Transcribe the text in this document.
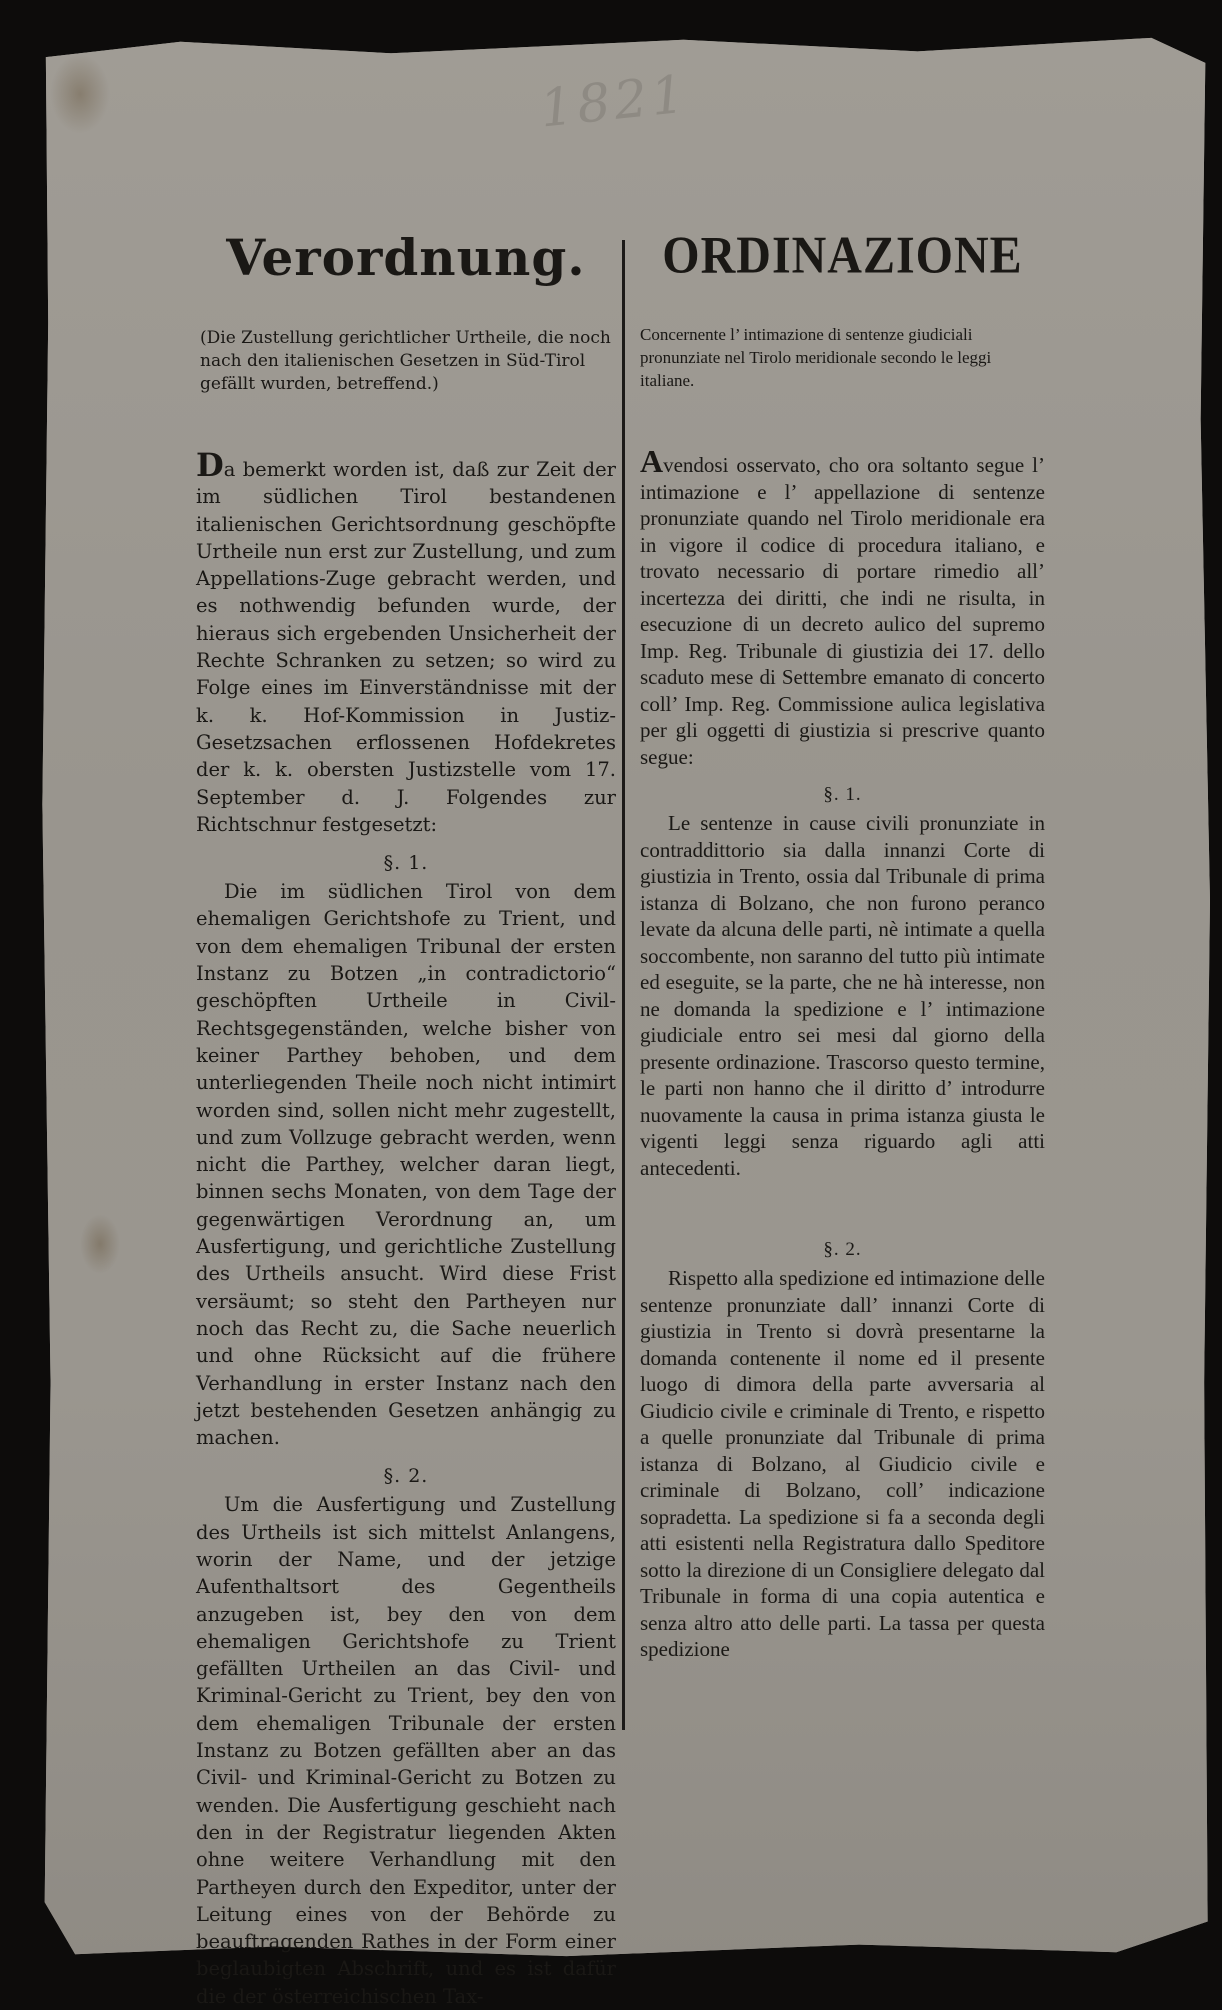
1821
Verordnung.

(Die Zustellung gerichtlicher Urtheile, die noch nach den italienischen Gesetzen in Süd-Tirol gefällt wurden, betreffend.)

Da bemerkt worden ist, daß zur Zeit der im südlichen Tirol bestandenen italienischen Gerichtsordnung geschöpfte Urtheile nun erst zur Zustellung, und zum Appellations-Zuge gebracht werden, und es nothwendig befunden wurde, der hieraus sich ergebenden Unsicherheit der Rechte Schranken zu setzen; so wird zu Folge eines im Einverständnisse mit der k. k. Hof-Kommission in Justiz-Gesetzsachen erflossenen Hofdekretes der k. k. obersten Justizstelle vom 17. September d. J. Folgendes zur Richtschnur festgesetzt:

§. 1.

Die im südlichen Tirol von dem ehemaligen Gerichtshofe zu Trient, und von dem ehemaligen Tribunal der ersten Instanz zu Botzen „in contradictorio“ geschöpften Urtheile in Civil-Rechtsgegenständen, welche bisher von keiner Parthey behoben, und dem unterliegenden Theile noch nicht intimirt worden sind, sollen nicht mehr zugestellt, und zum Vollzuge gebracht werden, wenn nicht die Parthey, welcher daran liegt, binnen sechs Monaten, von dem Tage der gegenwärtigen Verordnung an, um Ausfertigung, und gerichtliche Zustellung des Urtheils ansucht. Wird diese Frist versäumt; so steht den Partheyen nur noch das Recht zu, die Sache neuerlich und ohne Rücksicht auf die frühere Verhandlung in erster Instanz nach den jetzt bestehenden Gesetzen anhängig zu machen.

§. 2.

Um die Ausfertigung und Zustellung des Urtheils ist sich mittelst Anlangens, worin der Name, und der jetzige Aufenthaltsort des Gegentheils anzugeben ist, bey den von dem ehemaligen Gerichtshofe zu Trient gefällten Urtheilen an das Civil- und Kriminal-Gericht zu Trient, bey den von dem ehemaligen Tribunale der ersten Instanz zu Botzen gefällten aber an das Civil- und Kriminal-Gericht zu Botzen zu wenden. Die Ausfertigung geschieht nach den in der Registratur liegenden Akten ohne weitere Verhandlung mit den Partheyen durch den Expeditor, unter der Leitung eines von der Behörde zu beauftragenden Rathes in der Form einer beglaubigten Abschrift, und es ist dafür die der österreichischen Tax-

ORDINAZIONE

Concernente l’ intimazione di sentenze giudiciali pronunziate nel Tirolo meridionale secondo le leggi italiane.

Avendosi osservato, cho ora soltanto segue l’ intimazione e l’ appellazione di sentenze pronunziate quando nel Tirolo meridionale era in vigore il codice di procedura italiano, e trovato necessario di portare rimedio all’ incertezza dei diritti, che indi ne risulta, in esecuzione di un decreto aulico del supremo Imp. Reg. Tribunale di giustizia dei 17. dello scaduto mese di Settembre emanato di concerto coll’ Imp. Reg. Commissione aulica legislativa per gli oggetti di giustizia si prescrive quanto segue:

§. 1.

Le sentenze in cause civili pronunziate in contraddittorio sia dalla innanzi Corte di giustizia in Trento, ossia dal Tribunale di prima istanza di Bolzano, che non furono peranco levate da alcuna delle parti, nè intimate a quella soccombente, non saranno del tutto più intimate ed eseguite, se la parte, che ne hà interesse, non ne domanda la spedizione e l’ intimazione giudiciale entro sei mesi dal giorno della presente ordinazione. Trascorso questo termine, le parti non hanno che il diritto d’ introdurre nuovamente la causa in prima istanza giusta le vigenti leggi senza riguardo agli atti antecedenti.

§. 2.

Rispetto alla spedizione ed intimazione delle sentenze pronunziate dall’ innanzi Corte di giustizia in Trento si dovrà presentarne la domanda contenente il nome ed il presente luogo di dimora della parte avversaria al Giudicio civile e criminale di Trento, e rispetto a quelle pronunziate dal Tribunale di prima istanza di Bolzano, al Giudicio civile e criminale di Bolzano, coll’ indicazione sopradetta. La spedizione si fa a seconda degli atti esistenti nella Registratura dallo Speditore sotto la direzione di un Consigliere delegato dal Tribunale in forma di una copia autentica e senza altro atto delle parti. La tassa per questa spedizione
